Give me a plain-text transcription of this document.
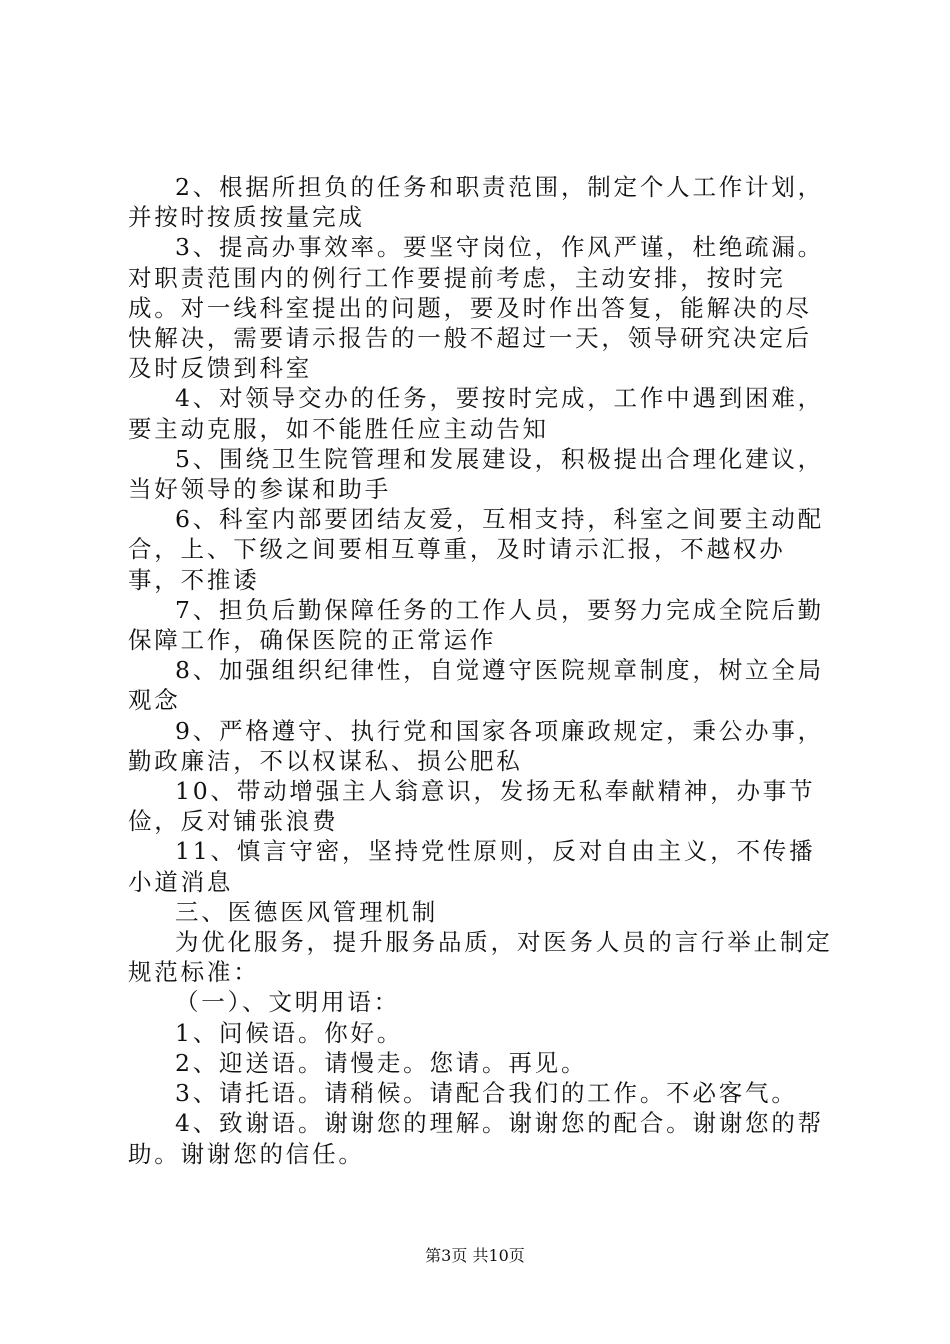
2、根据所担负的任务和职责范围，制定个人工作计划，并按时按质按量完成

3、提高办事效率。要坚守岗位，作风严谨，杜绝疏漏。对职责范围内的例行工作要提前考虑，主动安排，按时完成。对一线科室提出的问题，要及时作出答复，能解决的尽快解决，需要请示报告的一般不超过一天，领导研究决定后及时反馈到科室

4、对领导交办的任务，要按时完成，工作中遇到困难，要主动克服，如不能胜任应主动告知

5、围绕卫生院管理和发展建设，积极提出合理化建议，当好领导的参谋和助手

6、科室内部要团结友爱，互相支持，科室之间要主动配合，上、下级之间要相互尊重，及时请示汇报，不越权办事，不推诿

7、担负后勤保障任务的工作人员，要努力完成全院后勤保障工作，确保医院的正常运作

8、加强组织纪律性，自觉遵守医院规章制度，树立全局观念

9、严格遵守、执行党和国家各项廉政规定，秉公办事，勤政廉洁，不以权谋私、损公肥私

10、带动增强主人翁意识，发扬无私奉献精神，办事节俭，反对铺张浪费

11、慎言守密，坚持党性原则，反对自由主义，不传播小道消息

三、医德医风管理机制

为优化服务，提升服务品质，对医务人员的言行举止制定规范标准：

（一）、文明用语：

1、问候语。你好。

2、迎送语。请慢走。您请。再见。

3、请托语。请稍候。请配合我们的工作。不必客气。

4、致谢语。谢谢您的理解。谢谢您的配合。谢谢您的帮助。谢谢您的信任。

第3页 共10页
